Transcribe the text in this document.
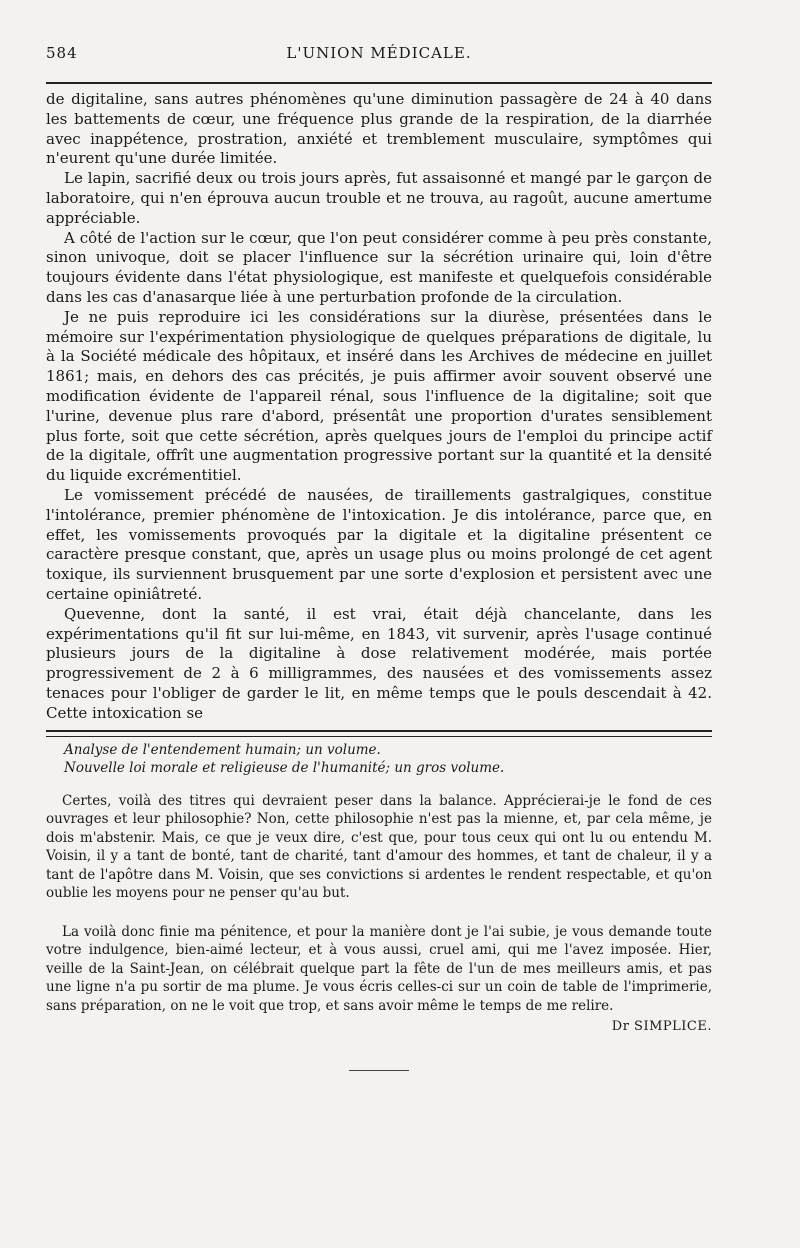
584	L'UNION MÉDICALE.

de digitaline, sans autres phénomènes qu'une diminution passagère de 24 à 40 dans les battements de cœur, une fréquence plus grande de la respiration, de la diarrhée avec inappétence, prostration, anxiété et tremblement musculaire, symptômes qui n'eurent qu'une durée limitée.

Le lapin, sacrifié deux ou trois jours après, fut assaisonné et mangé par le garçon de laboratoire, qui n'en éprouva aucun trouble et ne trouva, au ragoût, aucune amertume appréciable.

A côté de l'action sur le cœur, que l'on peut considérer comme à peu près constante, sinon univoque, doit se placer l'influence sur la sécrétion urinaire qui, loin d'être toujours évidente dans l'état physiologique, est manifeste et quelquefois considérable dans les cas d'anasarque liée à une perturbation profonde de la circulation.

Je ne puis reproduire ici les considérations sur la diurèse, présentées dans le mémoire sur l'expérimentation physiologique de quelques préparations de digitale, lu à la Société médicale des hôpitaux, et inséré dans les Archives de médecine en juillet 1861; mais, en dehors des cas précités, je puis affirmer avoir souvent observé une modification évidente de l'appareil rénal, sous l'influence de la digitaline; soit que l'urine, devenue plus rare d'abord, présentât une proportion d'urates sensiblement plus forte, soit que cette sécrétion, après quelques jours de l'emploi du principe actif de la digitale, offrît une augmentation progressive portant sur la quantité et la densité du liquide excrémentitiel.

Le vomissement précédé de nausées, de tiraillements gastralgiques, constitue l'intolérance, premier phénomène de l'intoxication. Je dis intolérance, parce que, en effet, les vomissements provoqués par la digitale et la digitaline présentent ce caractère presque constant, que, après un usage plus ou moins prolongé de cet agent toxique, ils surviennent brusquement par une sorte d'explosion et persistent avec une certaine opiniâtreté.

Quevenne, dont la santé, il est vrai, était déjà chancelante, dans les expérimentations qu'il fit sur lui-même, en 1843, vit survenir, après l'usage continué plusieurs jours de la digitaline à dose relativement modérée, mais portée progressivement de 2 à 6 milligrammes, des nausées et des vomissements assez tenaces pour l'obliger de garder le lit, en même temps que le pouls descendait à 42. Cette intoxication se

Analyse de l'entendement humain; un volume.

Nouvelle loi morale et religieuse de l'humanité; un gros volume.

Certes, voilà des titres qui devraient peser dans la balance. Apprécierai-je le fond de ces ouvrages et leur philosophie? Non, cette philosophie n'est pas la mienne, et, par cela même, je dois m'abstenir. Mais, ce que je veux dire, c'est que, pour tous ceux qui ont lu ou entendu M. Voisin, il y a tant de bonté, tant de charité, tant d'amour des hommes, et tant de chaleur, il y a tant de l'apôtre dans M. Voisin, que ses convictions si ardentes le rendent respectable, et qu'on oublie les moyens pour ne penser qu'au but.

La voilà donc finie ma pénitence, et pour la manière dont je l'ai subie, je vous demande toute votre indulgence, bien-aimé lecteur, et à vous aussi, cruel ami, qui me l'avez imposée. Hier, veille de la Saint-Jean, on célébrait quelque part la fête de l'un de mes meilleurs amis, et pas une ligne n'a pu sortir de ma plume. Je vous écris celles-ci sur un coin de table de l'imprimerie, sans préparation, on ne le voit que trop, et sans avoir même le temps de me relire.

Dr SIMPLICE.
